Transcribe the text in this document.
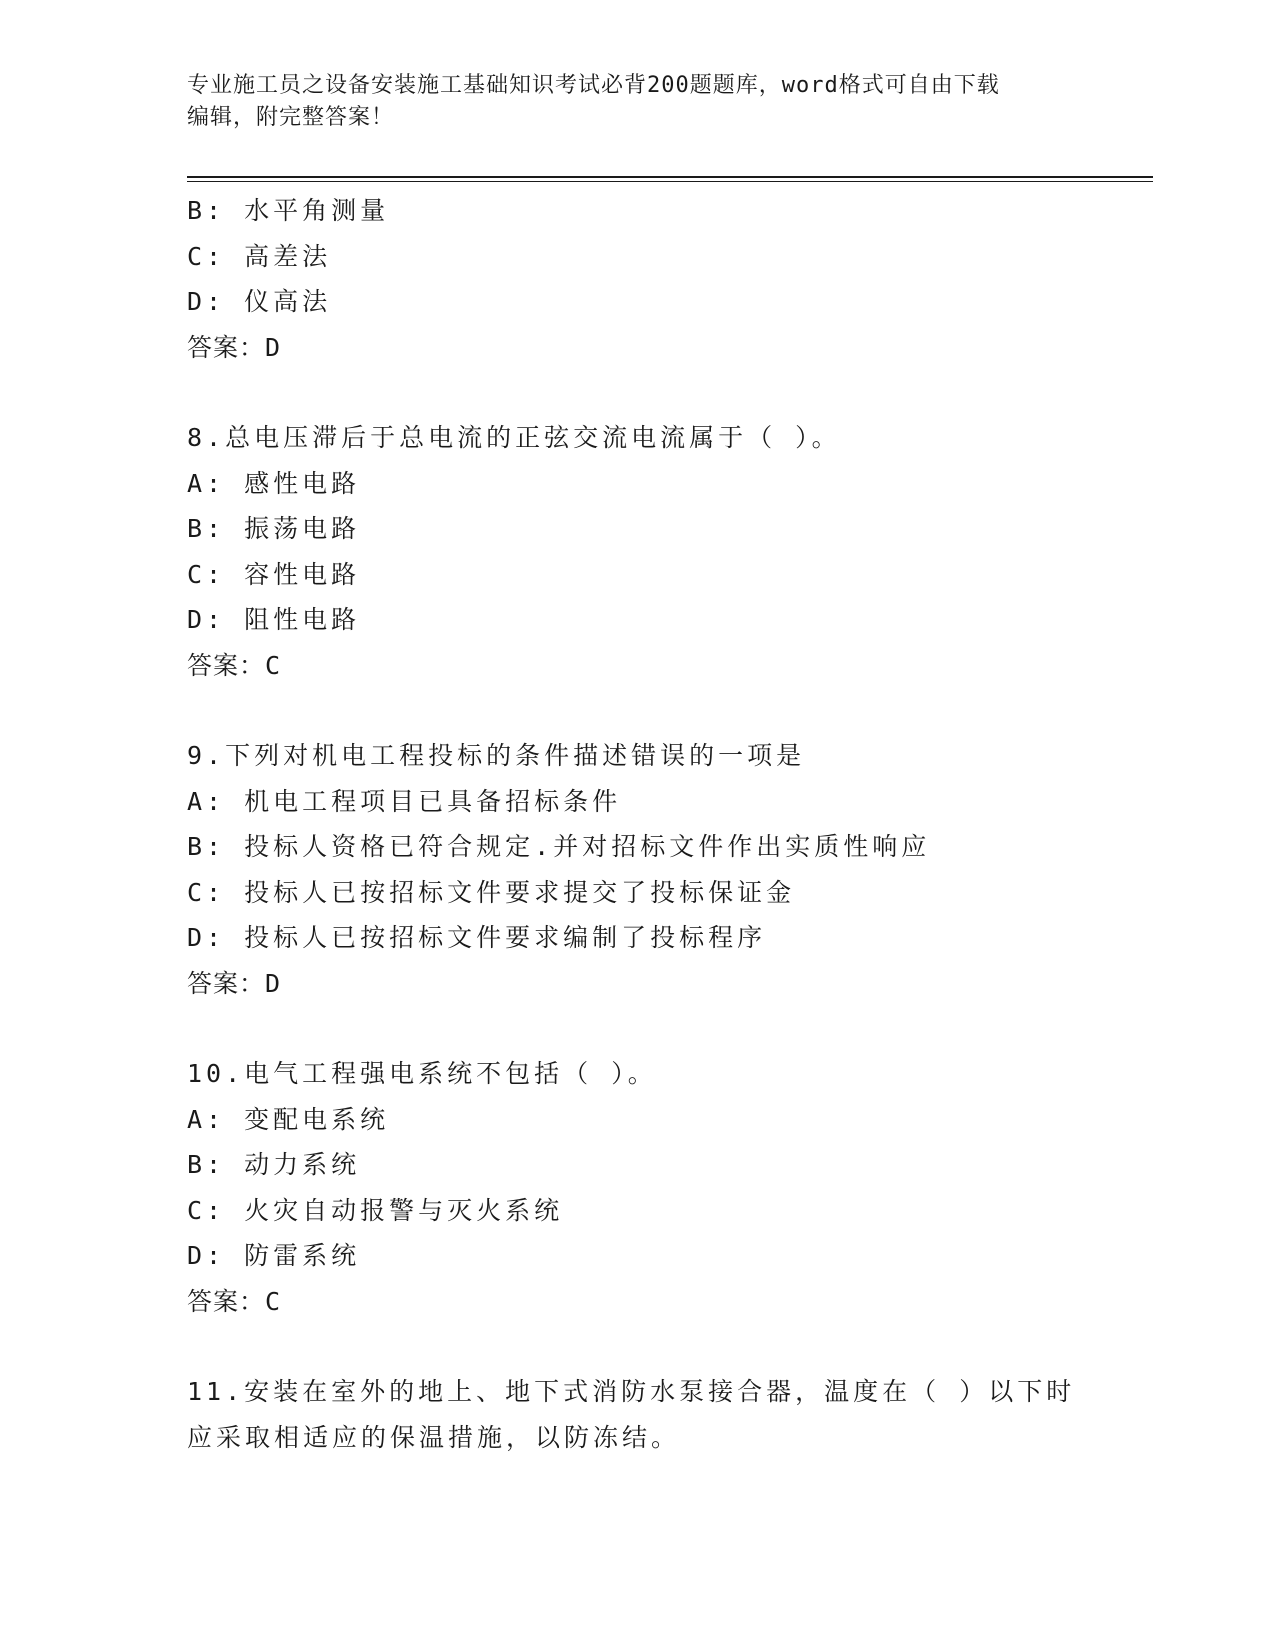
专业施工员之设备安装施工基础知识考试必背200题题库，word格式可自由下载
编辑，附完整答案！
B: 水平角测量
C: 高差法
D: 仪高法
答案：D
8.总电压滞后于总电流的正弦交流电流属于（ ）。
A: 感性电路
B: 振荡电路
C: 容性电路
D: 阻性电路
答案：C
9.下列对机电工程投标的条件描述错误的一项是
A: 机电工程项目已具备招标条件
B: 投标人资格已符合规定.并对招标文件作出实质性响应
C: 投标人已按招标文件要求提交了投标保证金
D: 投标人已按招标文件要求编制了投标程序
答案：D
10.电气工程强电系统不包括（ ）。
A: 变配电系统
B: 动力系统
C: 火灾自动报警与灭火系统
D: 防雷系统
答案：C
11.安装在室外的地上、地下式消防水泵接合器，温度在（ ）以下时
应采取相适应的保温措施，以防冻结。
